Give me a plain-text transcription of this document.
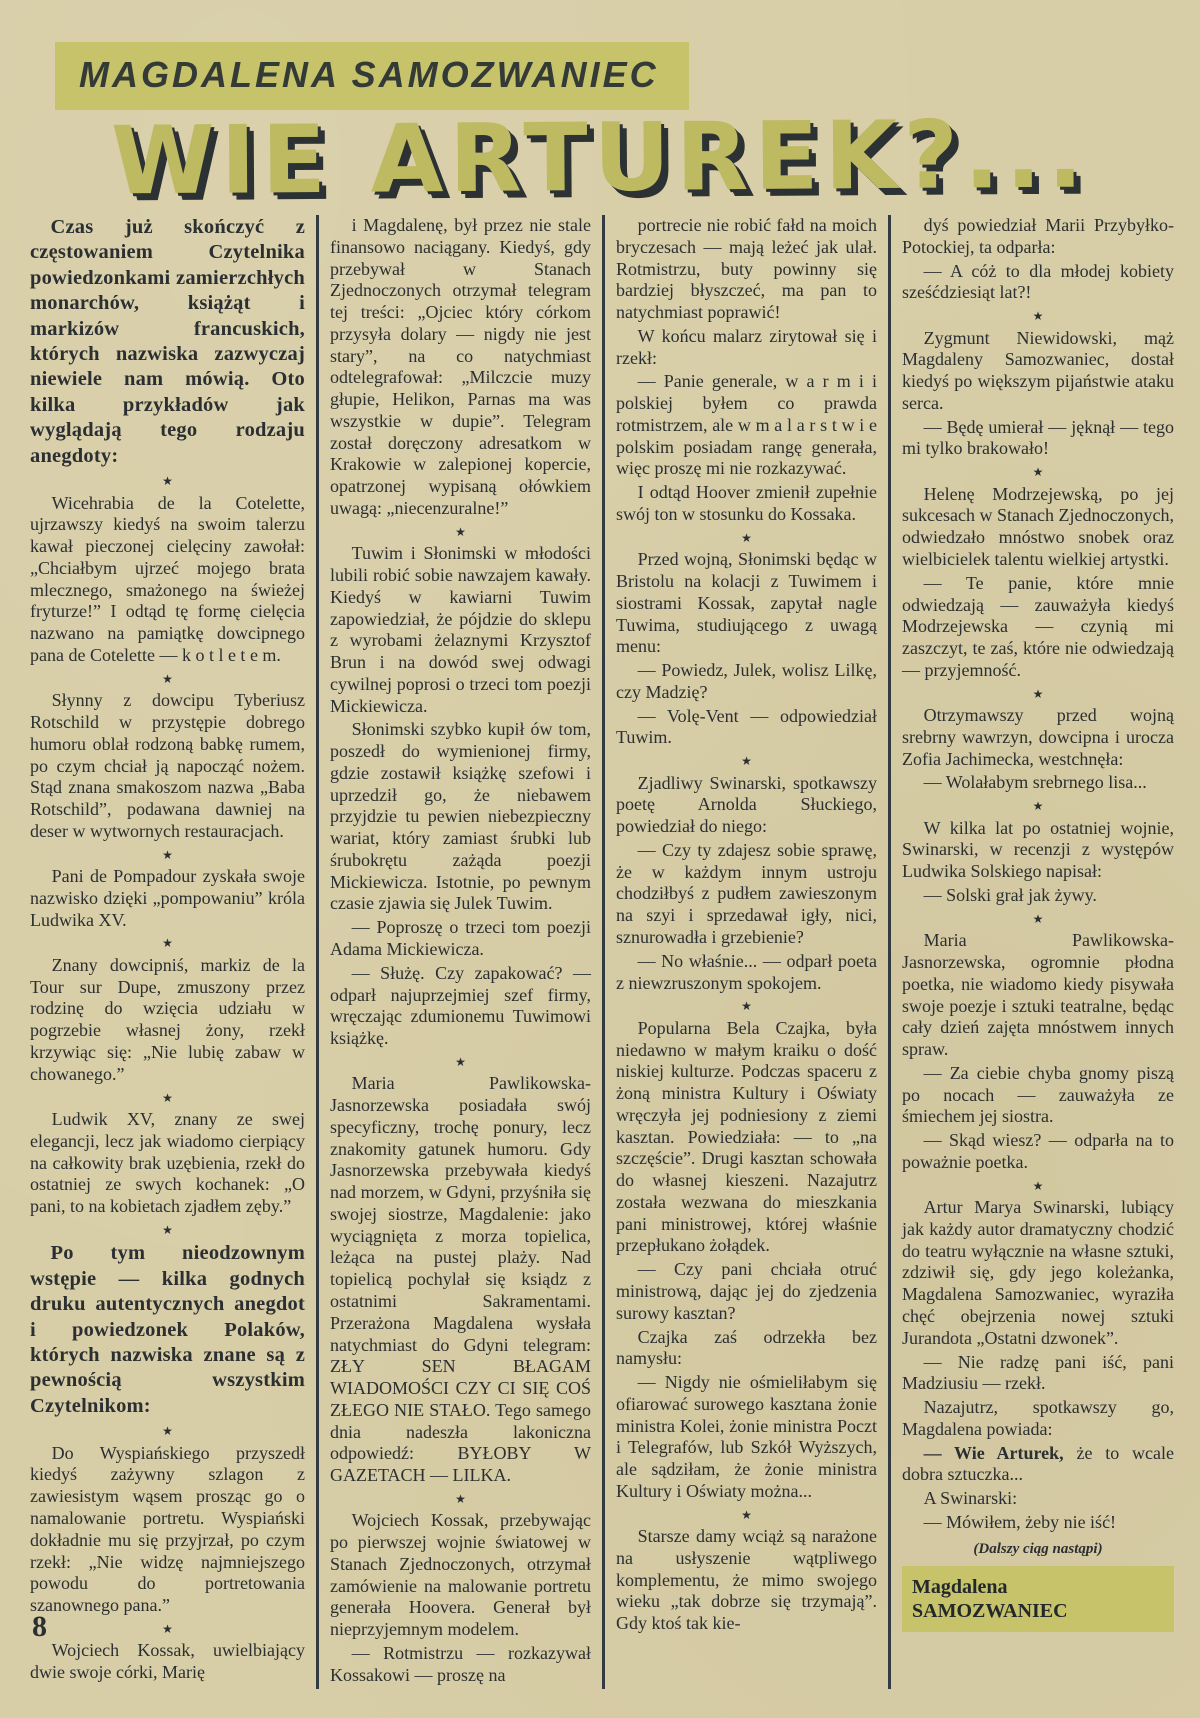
MAGDALENA SAMOZWANIEC
WIE ARTUREK?...

Czas już skończyć z częstowaniem Czytelnika powiedzonkami zamierzchłych monarchów, książąt i markizów francuskich, których nazwiska zazwyczaj niewiele nam mówią. Oto kilka przykładów jak wyglądają tego rodzaju anegdoty:

★

Wicehrabia de la Cotelette, ujrzawszy kiedyś na swoim talerzu kawał pieczonej cielęciny zawołał: „Chciałbym ujrzeć mojego brata mlecznego, smażonego na świeżej fryturze!” I odtąd tę formę cielęcia nazwano na pamiątkę dowcipnego pana de Cotelette — k o t l e t e m.

★

Słynny z dowcipu Tyberiusz Rotschild w przystępie dobrego humoru oblał rodzoną babkę rumem, po czym chciał ją napocząć nożem. Stąd znana smakoszom nazwa „Baba Rotschild”, podawana dawniej na deser w wytwornych restauracjach.

★

Pani de Pompadour zyskała swoje nazwisko dzięki „pompowaniu” króla Ludwika XV.

★

Znany dowcipniś, markiz de la Tour sur Dupe, zmuszony przez rodzinę do wzięcia udziału w pogrzebie własnej żony, rzekł krzywiąc się: „Nie lubię zabaw w chowanego.”

★

Ludwik XV, znany ze swej elegancji, lecz jak wiadomo cierpiący na całkowity brak uzębienia, rzekł do ostatniej ze swych kochanek: „O pani, to na kobietach zjadłem zęby.”

★

Po tym nieodzownym wstępie — kilka godnych druku autentycznych anegdot i powiedzonek Polaków, których nazwiska znane są z pewnością wszystkim Czytelnikom:

★

Do Wyspiańskiego przyszedł kiedyś zażywny szlagon z zawiesistym wąsem prosząc go o namalowanie portretu. Wyspiański dokładnie mu się przyjrzał, po czym rzekł: „Nie widzę najmniejszego powodu do portretowania szanownego pana.”

★

Wojciech Kossak, uwielbiający dwie swoje córki, Marię

i Magdalenę, był przez nie stale finansowo naciągany. Kiedyś, gdy przebywał w Stanach Zjednoczonych otrzymał telegram tej treści: „Ojciec który córkom przysyła dolary — nigdy nie jest stary”, na co natychmiast odtelegrafował: „Milczcie muzy głupie, Helikon, Parnas ma was wszystkie w dupie”. Telegram został doręczony adresatkom w Krakowie w zalepionej kopercie, opatrzonej wypisaną ołówkiem uwagą: „niecenzuralne!”

★

Tuwim i Słonimski w młodości lubili robić sobie nawzajem kawały. Kiedyś w kawiarni Tuwim zapowiedział, że pójdzie do sklepu z wyrobami żelaznymi Krzysztof Brun i na dowód swej odwagi cywilnej poprosi o trzeci tom poezji Mickiewicza.

Słonimski szybko kupił ów tom, poszedł do wymienionej firmy, gdzie zostawił książkę szefowi i uprzedził go, że niebawem przyjdzie tu pewien niebezpieczny wariat, który zamiast śrubki lub śrubokrętu zażąda poezji Mickiewicza. Istotnie, po pewnym czasie zjawia się Julek Tuwim.

— Poproszę o trzeci tom poezji Adama Mickiewicza.

— Służę. Czy zapakować? — odparł najuprzejmiej szef firmy, wręczając zdumionemu Tuwimowi książkę.

★

Maria Pawlikowska-Jasnorzewska posiadała swój specyficzny, trochę ponury, lecz znakomity gatunek humoru. Gdy Jasnorzewska przebywała kiedyś nad morzem, w Gdyni, przyśniła się swojej siostrze, Magdalenie: jako wyciągnięta z morza topielica, leżąca na pustej plaży. Nad topielicą pochylał się ksiądz z ostatnimi Sakramentami. Przerażona Magdalena wysłała natychmiast do Gdyni telegram: ZŁY SEN BŁAGAM WIADOMOŚCI CZY CI SIĘ COŚ ZŁEGO NIE STAŁO. Tego samego dnia nadeszła lakoniczna odpowiedź: BYŁOBY W GAZETACH — LILKA.

★

Wojciech Kossak, przebywając po pierwszej wojnie światowej w Stanach Zjednoczonych, otrzymał zamówienie na malowanie portretu generała Hoovera. Generał był nieprzyjemnym modelem.

— Rotmistrzu — rozkazywał Kossakowi — proszę na

portrecie nie robić fałd na moich bryczesach — mają leżeć jak ulał. Rotmistrzu, buty powinny się bardziej błyszczeć, ma pan to natychmiast poprawić!

W końcu malarz zirytował się i rzekł:

— Panie generale, w a r m i i polskiej byłem co prawda rotmistrzem, ale w m a l a r s t w i e polskim posiadam rangę generała, więc proszę mi nie rozkazywać.

I odtąd Hoover zmienił zupełnie swój ton w stosunku do Kossaka.

★

Przed wojną, Słonimski będąc w Bristolu na kolacji z Tuwimem i siostrami Kossak, zapytał nagle Tuwima, studiującego z uwagą menu:

— Powiedz, Julek, wolisz Lilkę, czy Madzię?

— Volę-Vent — odpowiedział Tuwim.

★

Zjadliwy Swinarski, spotkawszy poetę Arnolda Słuckiego, powiedział do niego:

— Czy ty zdajesz sobie sprawę, że w każdym innym ustroju chodziłbyś z pudłem zawieszonym na szyi i sprzedawał igły, nici, sznurowadła i grzebienie?

— No właśnie... — odparł poeta z niewzruszonym spokojem.

★

Popularna Bela Czajka, była niedawno w małym kraiku o dość niskiej kulturze. Podczas spaceru z żoną ministra Kultury i Oświaty wręczyła jej podniesiony z ziemi kasztan. Powiedziała: — to „na szczęście”. Drugi kasztan schowała do własnej kieszeni. Nazajutrz została wezwana do mieszkania pani ministrowej, której właśnie przepłukano żołądek.

— Czy pani chciała otruć ministrową, dając jej do zjedzenia surowy kasztan?

Czajka zaś odrzekła bez namysłu:

— Nigdy nie ośmieliłabym się ofiarować surowego kasztana żonie ministra Kolei, żonie ministra Poczt i Telegrafów, lub Szkół Wyższych, ale sądziłam, że żonie ministra Kultury i Oświaty można...

★

Starsze damy wciąż są narażone na usłyszenie wątpliwego komplementu, że mimo swojego wieku „tak dobrze się trzymają”. Gdy ktoś tak kie-

dyś powiedział Marii Przybyłko-Potockiej, ta odparła:

— A cóż to dla młodej kobiety sześćdziesiąt lat?!

★

Zygmunt Niewidowski, mąż Magdaleny Samozwaniec, dostał kiedyś po większym pijaństwie ataku serca.

— Będę umierał — jęknął — tego mi tylko brakowało!

★

Helenę Modrzejewską, po jej sukcesach w Stanach Zjednoczonych, odwiedzało mnóstwo snobek oraz wielbicielek talentu wielkiej artystki.

— Te panie, które mnie odwiedzają — zauważyła kiedyś Modrzejewska — czynią mi zaszczyt, te zaś, które nie odwiedzają — przyjemność.

★

Otrzymawszy przed wojną srebrny wawrzyn, dowcipna i urocza Zofia Jachimecka, westchnęła:

— Wolałabym srebrnego lisa...

★

W kilka lat po ostatniej wojnie, Swinarski, w recenzji z występów Ludwika Solskiego napisał:

— Solski grał jak żywy.

★

Maria Pawlikowska-Jasnorzewska, ogromnie płodna poetka, nie wiadomo kiedy pisywała swoje poezje i sztuki teatralne, będąc cały dzień zajęta mnóstwem innych spraw.

— Za ciebie chyba gnomy piszą po nocach — zauważyła ze śmiechem jej siostra.

— Skąd wiesz? — odparła na to poważnie poetka.

★

Artur Marya Swinarski, lubiący jak każdy autor dramatyczny chodzić do teatru wyłącznie na własne sztuki, zdziwił się, gdy jego koleżanka, Magdalena Samozwaniec, wyraziła chęć obejrzenia nowej sztuki Jurandota „Ostatni dzwonek”.

— Nie radzę pani iść, pani Madziusiu — rzekł.

Nazajutrz, spotkawszy go, Magdalena powiada:

— Wie Arturek, że to wcale dobra sztuczka...

A Swinarski:

— Mówiłem, żeby nie iść!

(Dalszy ciąg nastąpi)
Magdalena SAMOZWANIEC
8
